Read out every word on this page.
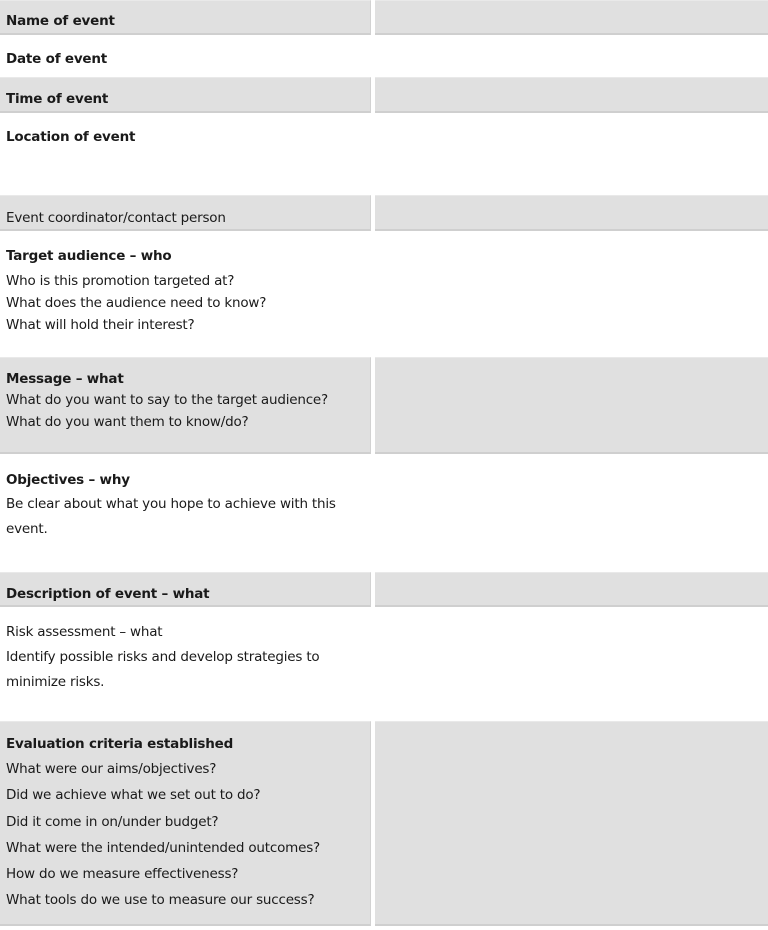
Name of event
Date of event
Time of event
Location of event
Event coordinator/contact person
Target audience – who
Who is this promotion targeted at?
What does the audience need to know?
What will hold their interest?
Message – what
What do you want to say to the target audience?
What do you want them to know/do?
Objectives – why
Be clear about what you hope to achieve with this
event.
Description of event – what
Risk assessment – what
Identify possible risks and develop strategies to
minimize risks.
Evaluation criteria established
What were our aims/objectives?
Did we achieve what we set out to do?
Did it come in on/under budget?
What were the intended/unintended outcomes?
How do we measure effectiveness?
What tools do we use to measure our success?
